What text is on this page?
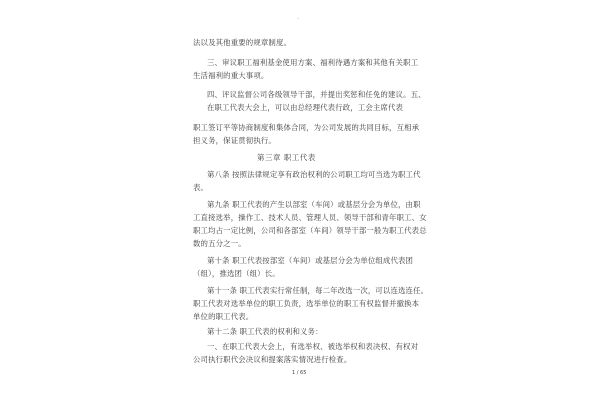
·
法以及其他重要的规章制度。
三、审议职工福利基金使用方案、福利待遇方案和其他有关职工
生活福利的重大事项。
四、评议监督公司各级领导干部，并提出奖惩和任免的建议。五、
在职工代表大会上，可以由总经理代表行政，工会主席代表
职工签订平等协商制度和集体合同，为公司发展的共同目标，互相承
担义务，保证贯彻执行。
第三章 职工代表
第八条 按照法律规定享有政治权利的公司职工均可当选为职工代
表。
第九条 职工代表的产生以部室（车间）或基层分会为单位，由职
工直接选举，操作工、技术人员、管理人员、领导干部和青年职工、女
职工均占一定比例，公司和各部室（车间）领导干部一般为职工代表总
数的五分之一。
第十条 职工代表按部室（车间）或基层分会为单位组成代表团
（组），推选团（组）长。
第十一条 职工代表实行常任制，每二年改选一次，可以连选连任。
职工代表对选举单位的职工负责，选举单位的职工有权监督并撤换本
单位的职工代表。
1 / 65
第十二条 职工代表的权利和义务：
一、在职工代表大会上，有选举权、被选举权和表决权、有权对
公司执行职代会决议和提案落实情况进行检查。
